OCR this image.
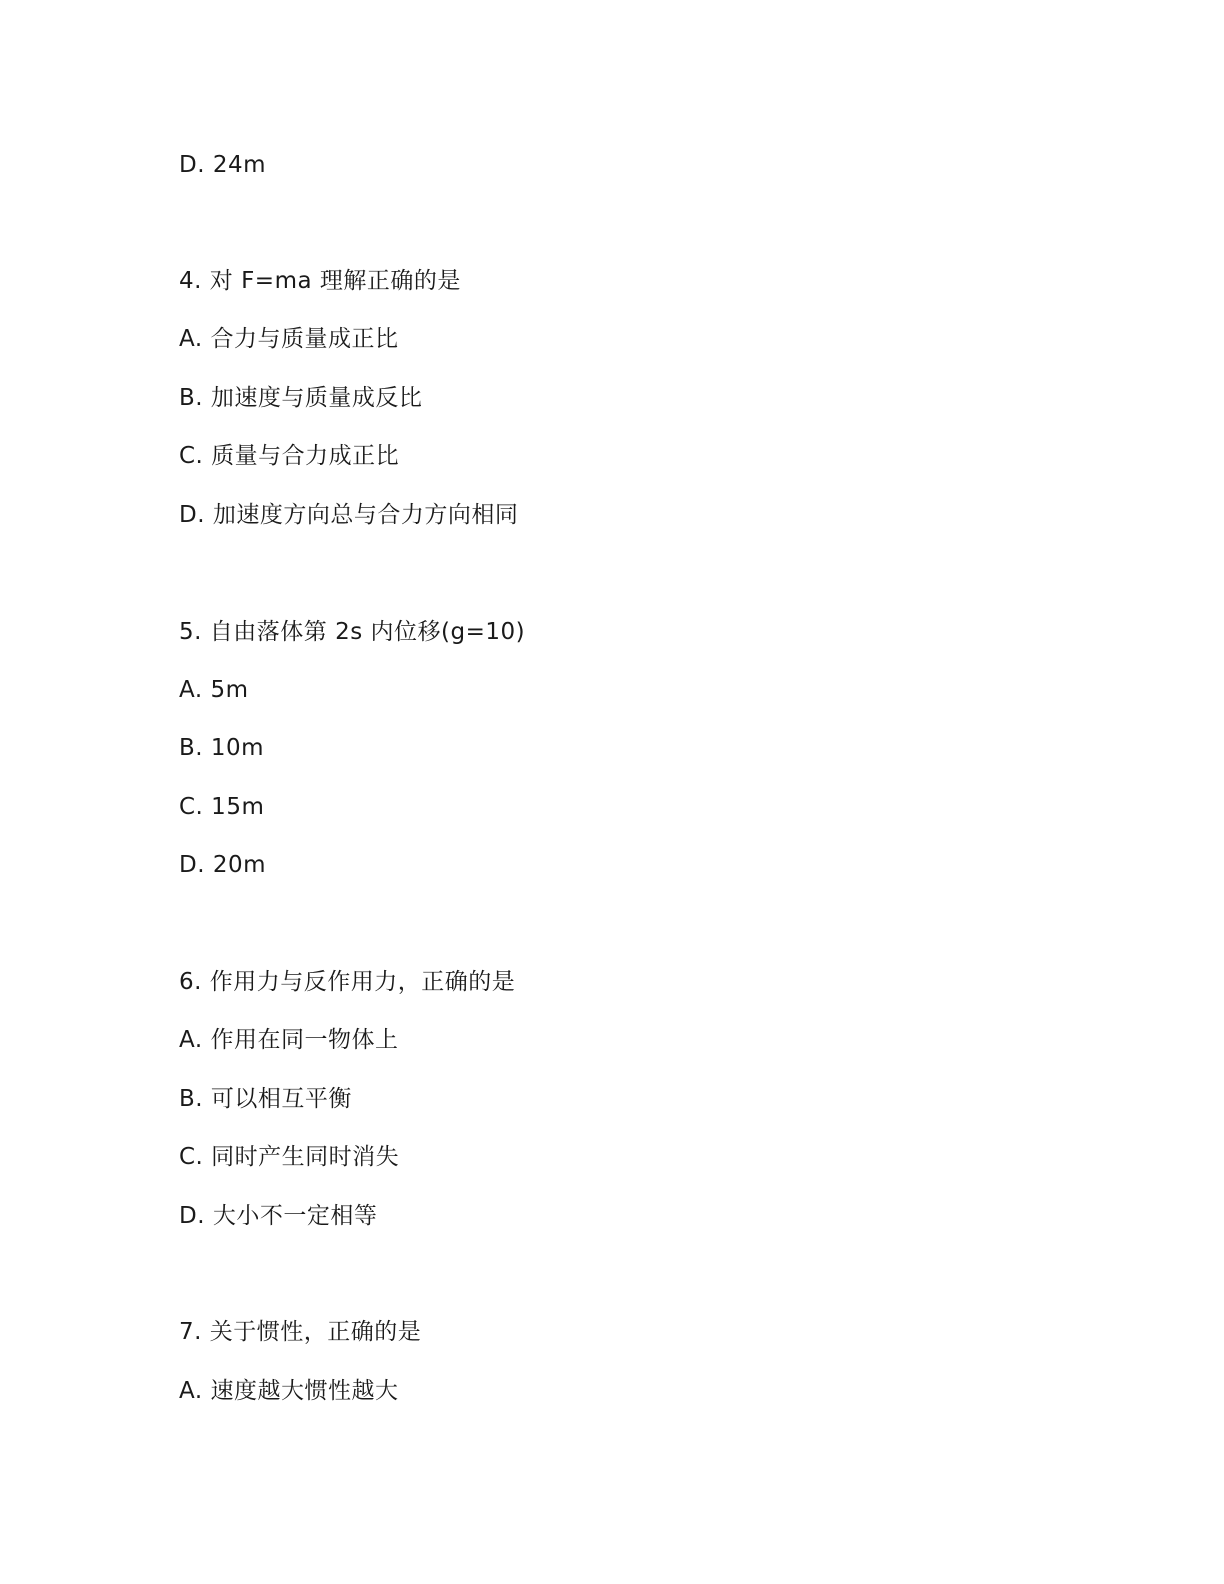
D. 24m
4. 对 F=ma 理解正确的是
A. 合力与质量成正比
B. 加速度与质量成反比
C. 质量与合力成正比
D. 加速度方向总与合力方向相同
5. 自由落体第 2s 内位移(g=10)
A. 5m
B. 10m
C. 15m
D. 20m
6. 作用力与反作用力，正确的是
A. 作用在同一物体上
B. 可以相互平衡
C. 同时产生同时消失
D. 大小不一定相等
7. 关于惯性，正确的是
A. 速度越大惯性越大
